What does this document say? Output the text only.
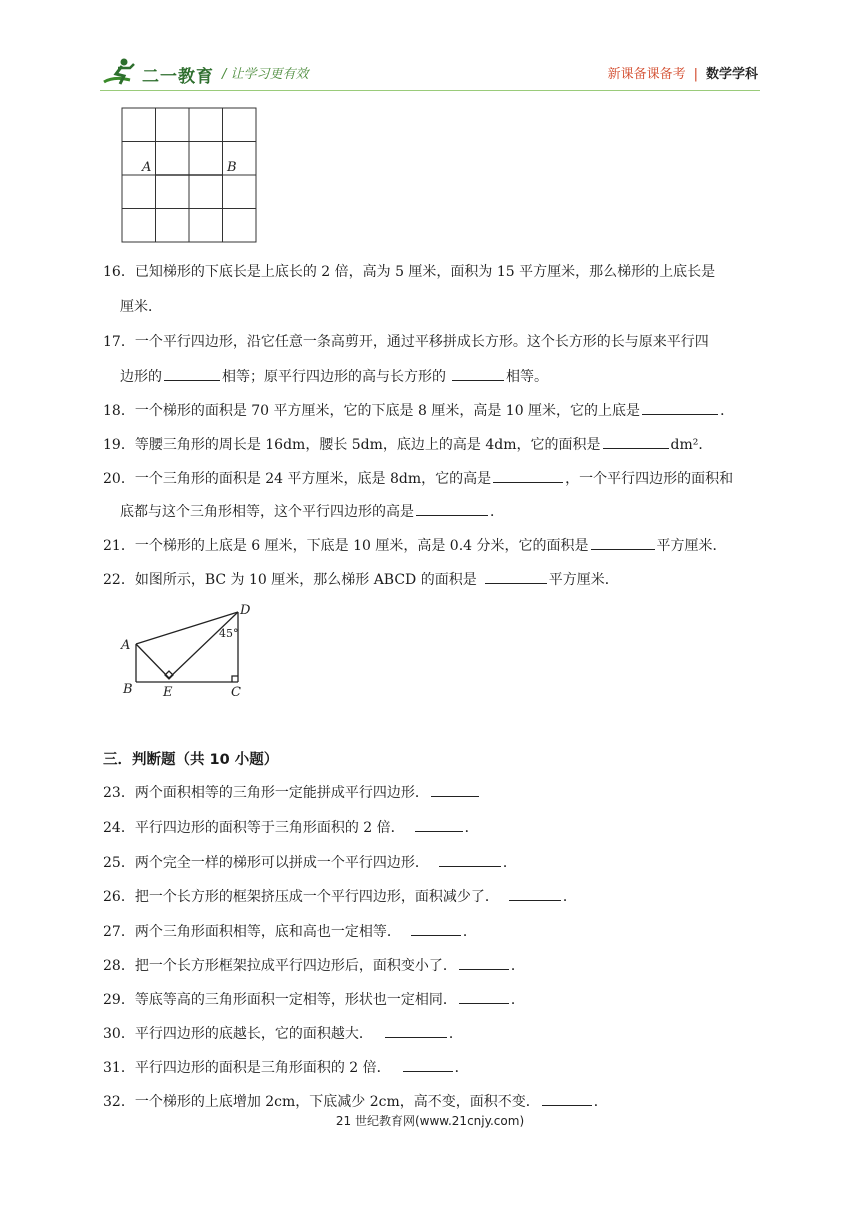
二一教育 / 让学习更有效	新课备课备考 | 数学学科
A	B
16．已知梯形的下底长是上底长的 2 倍，高为 5 厘米，面积为 15 平方厘米，那么梯形的上底长是
厘米．
17．一个平行四边形，沿它任意一条高剪开，通过平移拼成长方形。这个长方形的长与原来平行四
边形的	相等；原平行四边形的高与长方形的	相等。
18．一个梯形的面积是 70 平方厘米，它的下底是 8 厘米，高是 10 厘米，它的上底是	．
19．等腰三角形的周长是 16dm，腰长 5dm，底边上的高是 4dm，它的面积是	dm²．
20．一个三角形的面积是 24 平方厘米，底是 8dm，它的高是	，一个平行四边形的面积和
底都与这个三角形相等，这个平行四边形的高是	．
21．一个梯形的上底是 6 厘米，下底是 10 厘米，高是 0.4 分米，它的面积是	平方厘米．
22．如图所示，BC 为 10 厘米，那么梯形 ABCD 的面积是	平方厘米．
A
B	C
D
E
45°
三．判断题（共 10 小题）
23．两个面积相等的三角形一定能拼成平行四边形．
24．平行四边形的面积等于三角形面积的 2 倍．	．
25．两个完全一样的梯形可以拼成一个平行四边形．	．
26．把一个长方形的框架挤压成一个平行四边形，面积减少了．	．
27．两个三角形面积相等，底和高也一定相等．	．
28．把一个长方形框架拉成平行四边形后，面积变小了．	．
29．等底等高的三角形面积一定相等，形状也一定相同．	．
30．平行四边形的底越长，它的面积越大．	．
31．平行四边形的面积是三角形面积的 2 倍．	．
32．一个梯形的上底增加 2cm，下底减少 2cm，高不变，面积不变．	．
21 世纪教育网(www.21cnjy.com)
